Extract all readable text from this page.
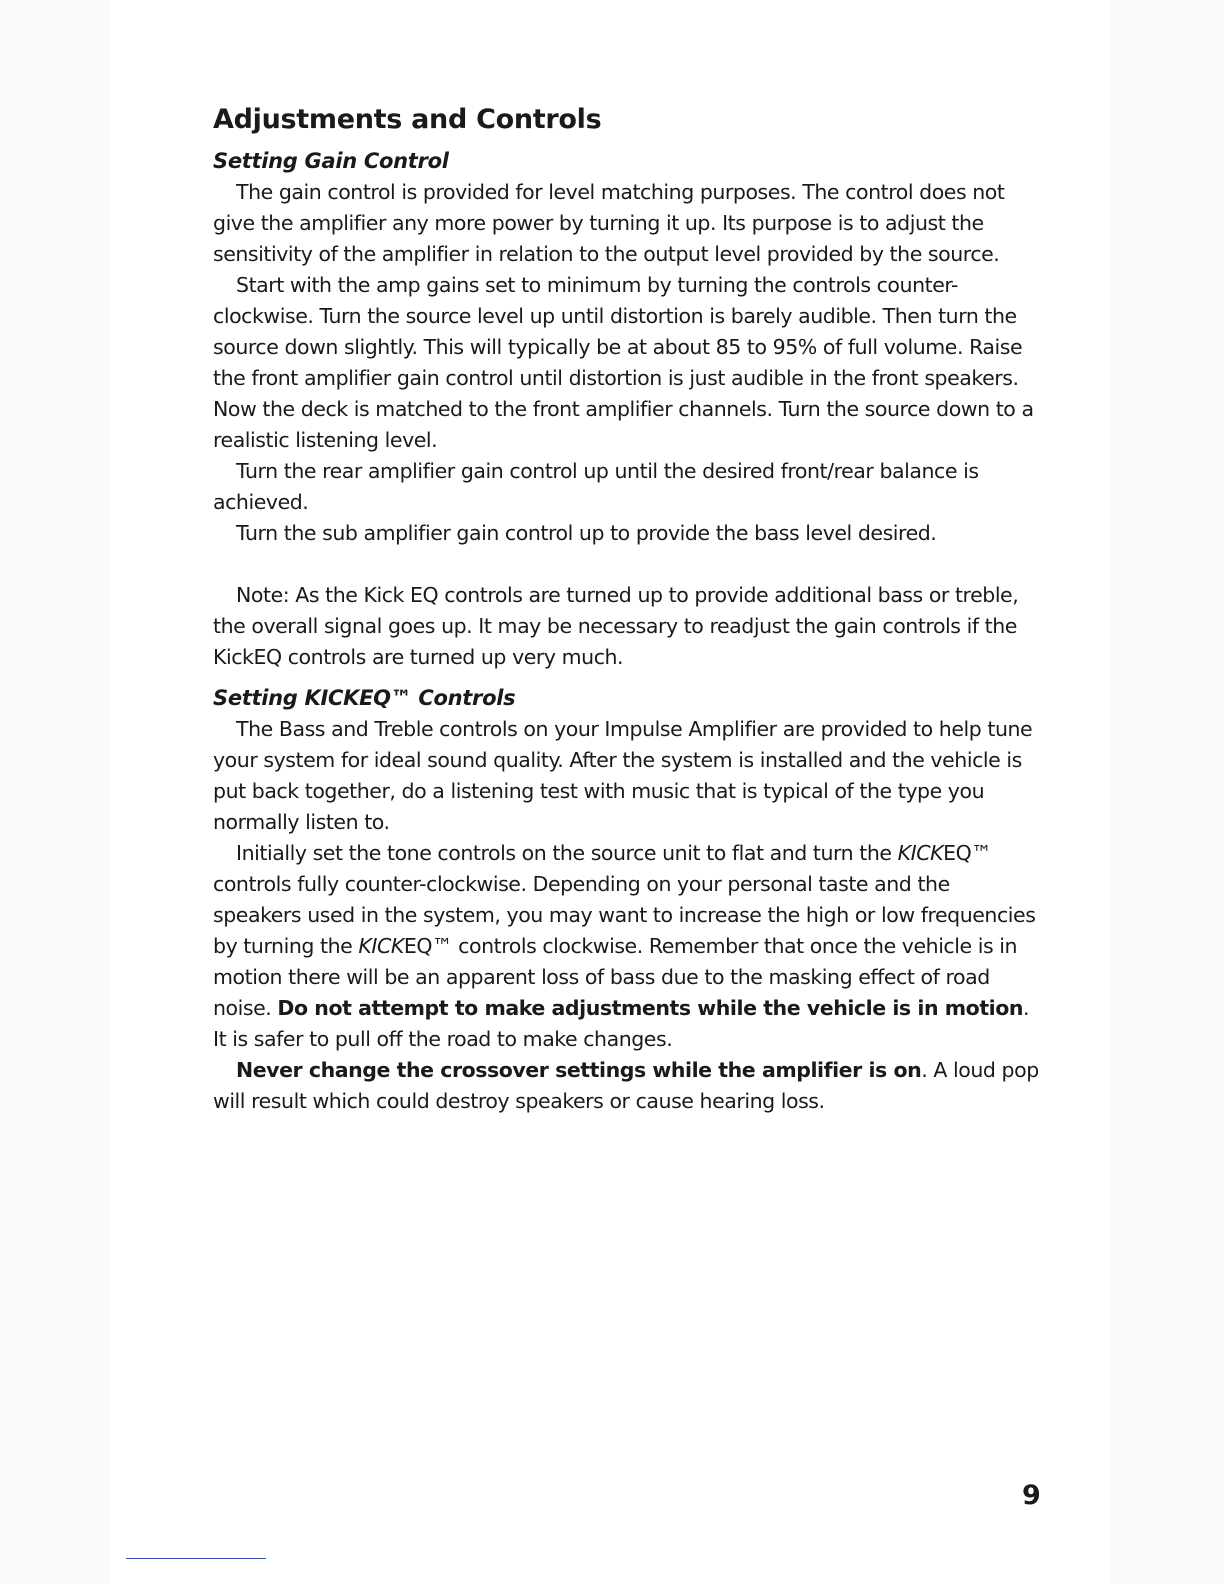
Adjustments and Controls
Setting Gain Control

The gain control is provided for level matching purposes. The control does not give the amplifier any more power by turning it up. Its purpose is to adjust the sensitivity of the amplifier in relation to the output level provided by the source.

Start with the amp gains set to minimum by turning the controls counter-clockwise. Turn the source level up until distortion is barely audible. Then turn the source down slightly. This will typically be at about 85 to 95% of full volume. Raise the front amplifier gain control until distortion is just audible in the front speakers. Now the deck is matched to the front amplifier channels. Turn the source down to a realistic listening level.

Turn the rear amplifier gain control up until the desired front/rear balance is achieved.

Turn the sub amplifier gain control up to provide the bass level desired.

Note: As the Kick EQ controls are turned up to provide additional bass or treble, the overall signal goes up. It may be necessary to readjust the gain controls if the KickEQ controls are turned up very much.

Setting KICKEQ™ Controls

The Bass and Treble controls on your Impulse Amplifier are provided to help tune your system for ideal sound quality. After the system is installed and the vehicle is put back together, do a listening test with music that is typical of the type you normally listen to.

Initially set the tone controls on the source unit to flat and turn the KICKEQ™ controls fully counter-clockwise. Depending on your personal taste and the speakers used in the system, you may want to increase the high or low frequencies by turning the KICKEQ™ controls clockwise. Remember that once the vehicle is in motion there will be an apparent loss of bass due to the masking effect of road noise. Do not attempt to make adjustments while the vehicle is in motion. It is safer to pull off the road to make changes.

Never change the crossover settings while the amplifier is on. A loud pop will result which could destroy speakers or cause hearing loss.

9
